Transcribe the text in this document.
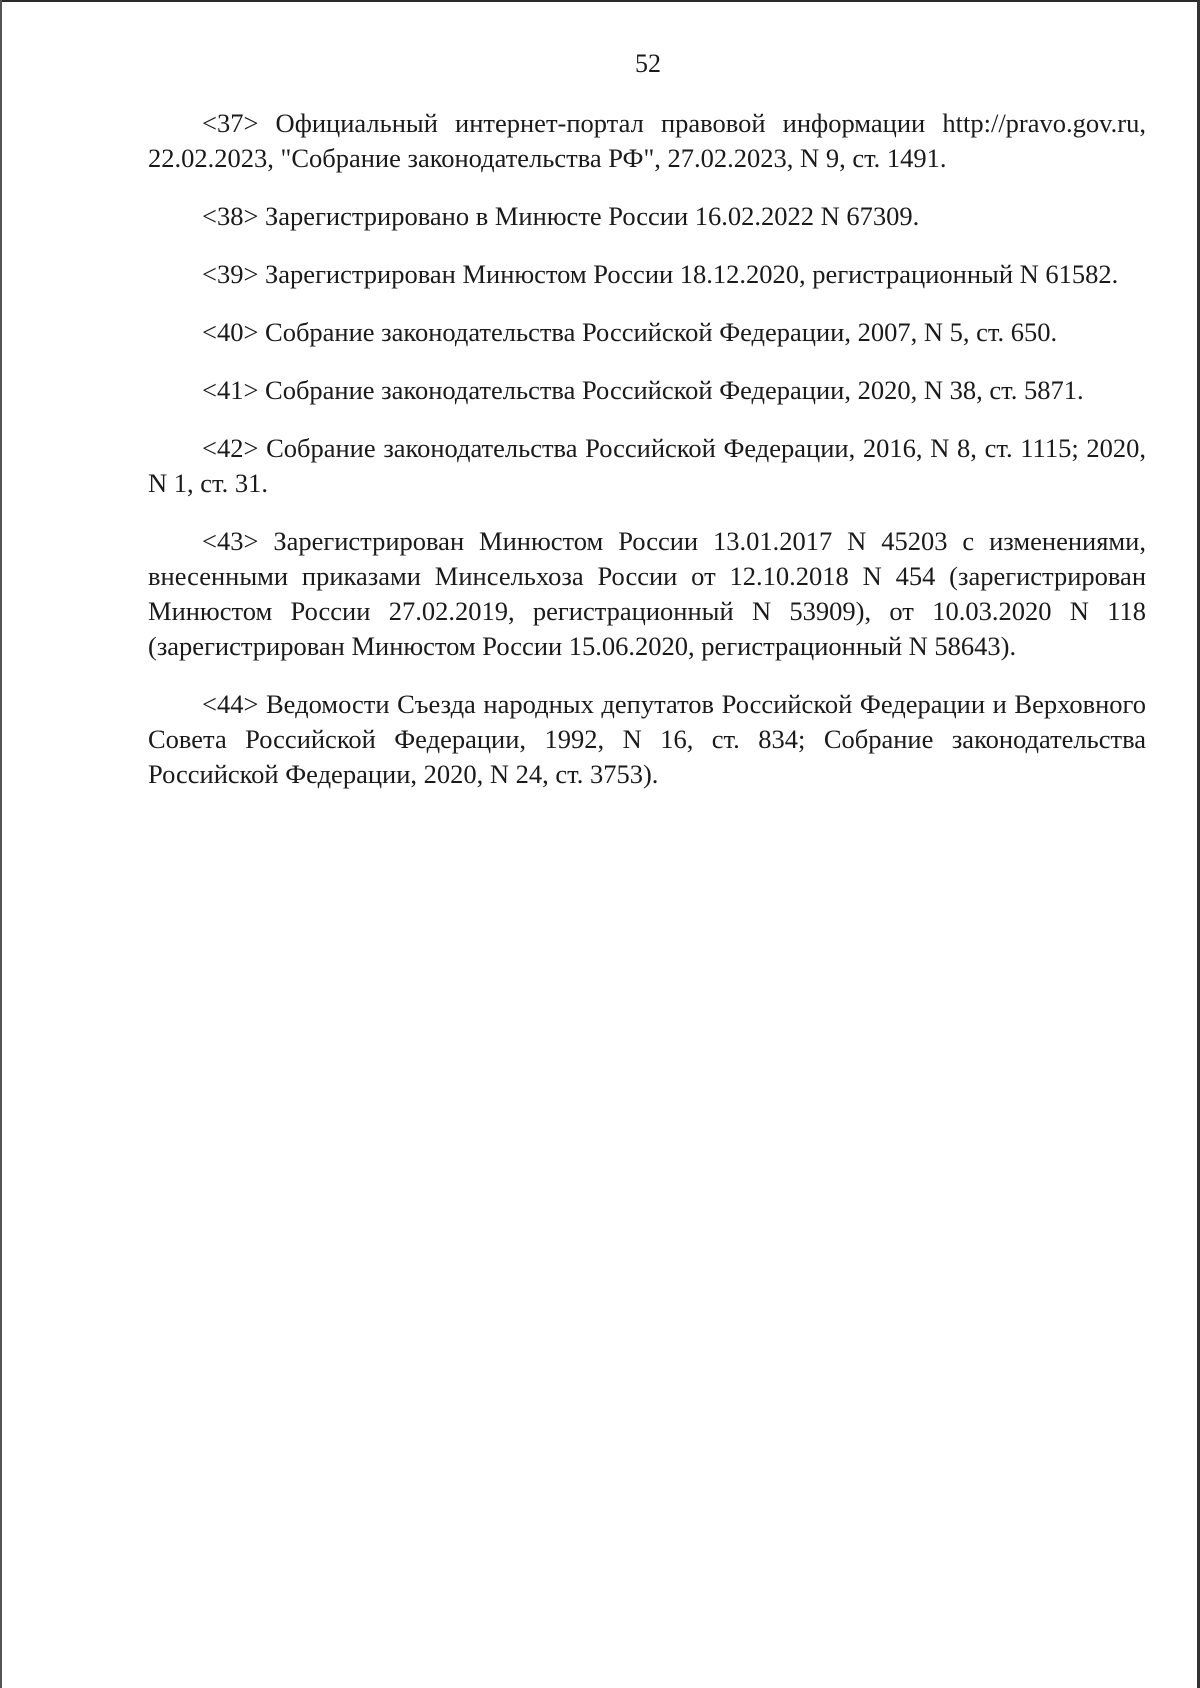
52

<37> Официальный интернет-портал правовой информации http://pravo.gov.ru, 22.02.2023, "Собрание законодательства РФ", 27.02.2023, N 9, ст. 1491.

<38> Зарегистрировано в Минюсте России 16.02.2022 N 67309.

<39> Зарегистрирован Минюстом России 18.12.2020, регистрационный N 61582.

<40> Собрание законодательства Российской Федерации, 2007, N 5, ст. 650.

<41> Собрание законодательства Российской Федерации, 2020, N 38, ст. 5871.

<42> Собрание законодательства Российской Федерации, 2016, N 8, ст. 1115; 2020, N 1, ст. 31.

<43> Зарегистрирован Минюстом России 13.01.2017 N 45203 с изменениями, внесенными приказами Минсельхоза России от 12.10.2018 N 454 (зарегистрирован Минюстом России 27.02.2019, регистрационный N 53909), от 10.03.2020 N 118 (зарегистрирован Минюстом России 15.06.2020, регистрационный N 58643).

<44> Ведомости Съезда народных депутатов Российской Федерации и Верховного Совета Российской Федерации, 1992, N 16, ст. 834; Собрание законодательства Российской Федерации, 2020, N 24, ст. 3753).
